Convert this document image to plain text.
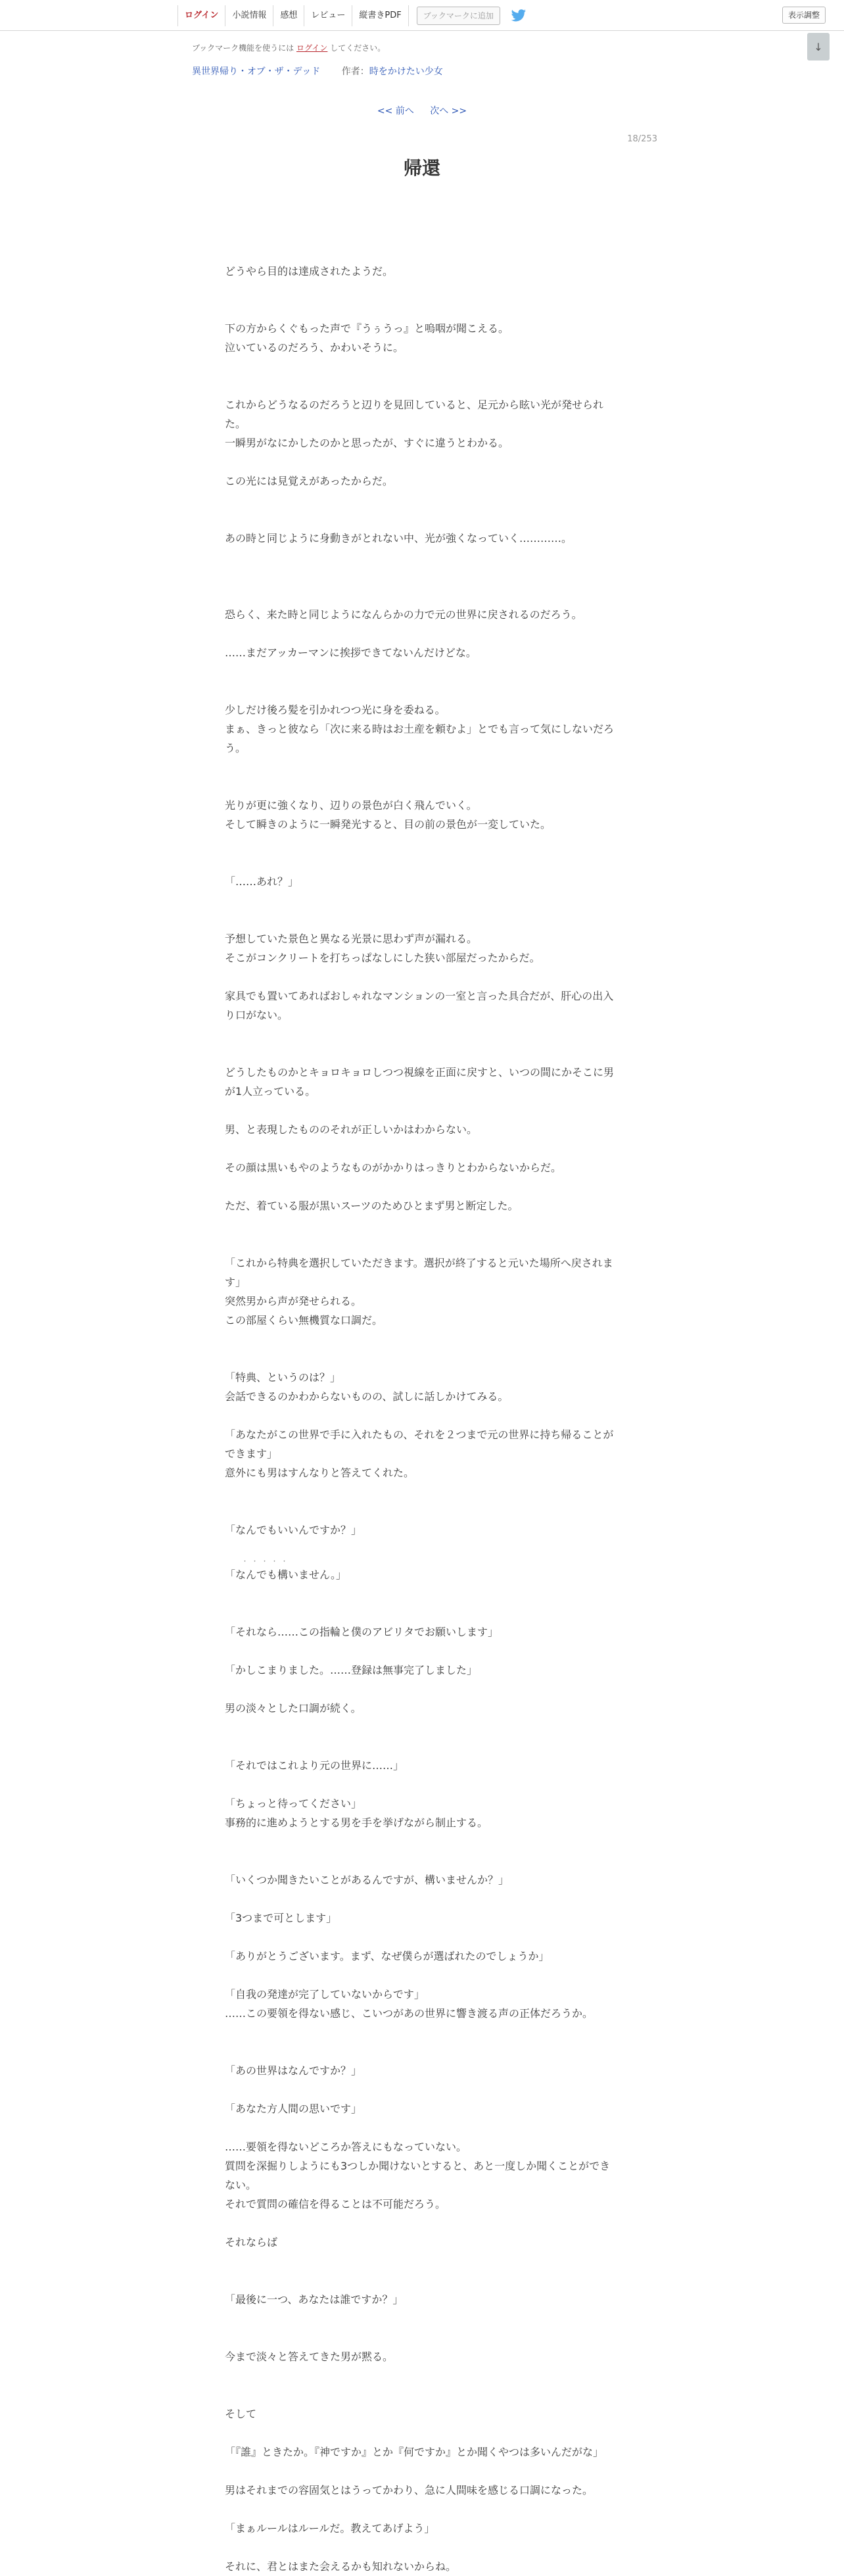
ログイン	小説情報	感想	レビュー	縦書きPDF	ブックマークに追加	表示調整
↓
ブックマーク機能を使うには ログイン してください。
異世界帰り・オブ・ザ・デッド 作者：時をかけたい少女
<< 前へ 次へ >>
18/253
帰還

どうやら目的は達成されたようだ。

下の方からくぐもった声で『うぅうっ』と嗚咽が聞こえる。

泣いているのだろう、かわいそうに。

これからどうなるのだろうと辺りを見回していると、足元から眩い光が発せられた。

一瞬男がなにかしたのかと思ったが、すぐに違うとわかる。

この光には見覚えがあったからだ。

あの時と同じように身動きがとれない中、光が強くなっていく…………。

恐らく、来た時と同じようになんらかの力で元の世界に戻されるのだろう。

……まだアッカーマンに挨拶できてないんだけどな。

少しだけ後ろ髪を引かれつつ光に身を委ねる。

まぁ、きっと彼なら「次に来る時はお土産を頼むよ」とでも言って気にしないだろう。

光りが更に強くなり、辺りの景色が白く飛んでいく。

そして瞬きのように一瞬発光すると、目の前の景色が一変していた。

「……あれ？」

予想していた景色と異なる光景に思わず声が漏れる。

そこがコンクリートを打ちっぱなしにした狭い部屋だったからだ。

家具でも置いてあればおしゃれなマンションの一室と言った具合だが、肝心の出入り口がない。

どうしたものかとキョロキョロしつつ視線を正面に戻すと、いつの間にかそこに男が1人立っている。

男、と表現したもののそれが正しいかはわからない。

その顔は黒いもやのようなものがかかりはっきりとわからないからだ。

ただ、着ている服が黒いスーツのためひとまず男と断定した。

「これから特典を選択していただきます。選択が終了すると元いた場所へ戻されます」

突然男から声が発せられる。

この部屋くらい無機質な口調だ。

「特典、というのは？」

会話できるのかわからないものの、試しに話しかけてみる。

「あなたがこの世界で手に入れたもの、それを２つまで元の世界に持ち帰ることができます」

意外にも男はすんなりと答えてくれた。

「なんでもいいんですか？」

・・・・・

「なんでも構いません。」

「それなら……この指輪と僕のアビリタでお願いします」

「かしこまりました。……登録は無事完了しました」

男の淡々とした口調が続く。

「それではこれより元の世界に……」

「ちょっと待ってください」

事務的に進めようとする男を手を挙げながら制止する。

「いくつか聞きたいことがあるんですが、構いませんか？」

「3つまで可とします」

「ありがとうございます。まず、なぜ僕らが選ばれたのでしょうか」

「自我の発達が完了していないからです」

……この要領を得ない感じ、こいつがあの世界に響き渡る声の正体だろうか。

「あの世界はなんですか？」

「あなた方人間の思いです」

……要領を得ないどころか答えにもなっていない。

質問を深掘りしようにも3つしか聞けないとすると、あと一度しか聞くことができない。

それで質問の確信を得ることは不可能だろう。

それならば

「最後に一つ、あなたは誰ですか？」

今まで淡々と答えてきた男が黙る。

そして

「『誰』ときたか。『神ですか』とか『何ですか』とか聞くやつは多いんだがな」

男はそれまでの容固気とはうってかわり、急に人間味を感じる口調になった。

「まぁルールはルールだ。教えてあげよう」

それに、君とはまた会えるかも知れないからね。
